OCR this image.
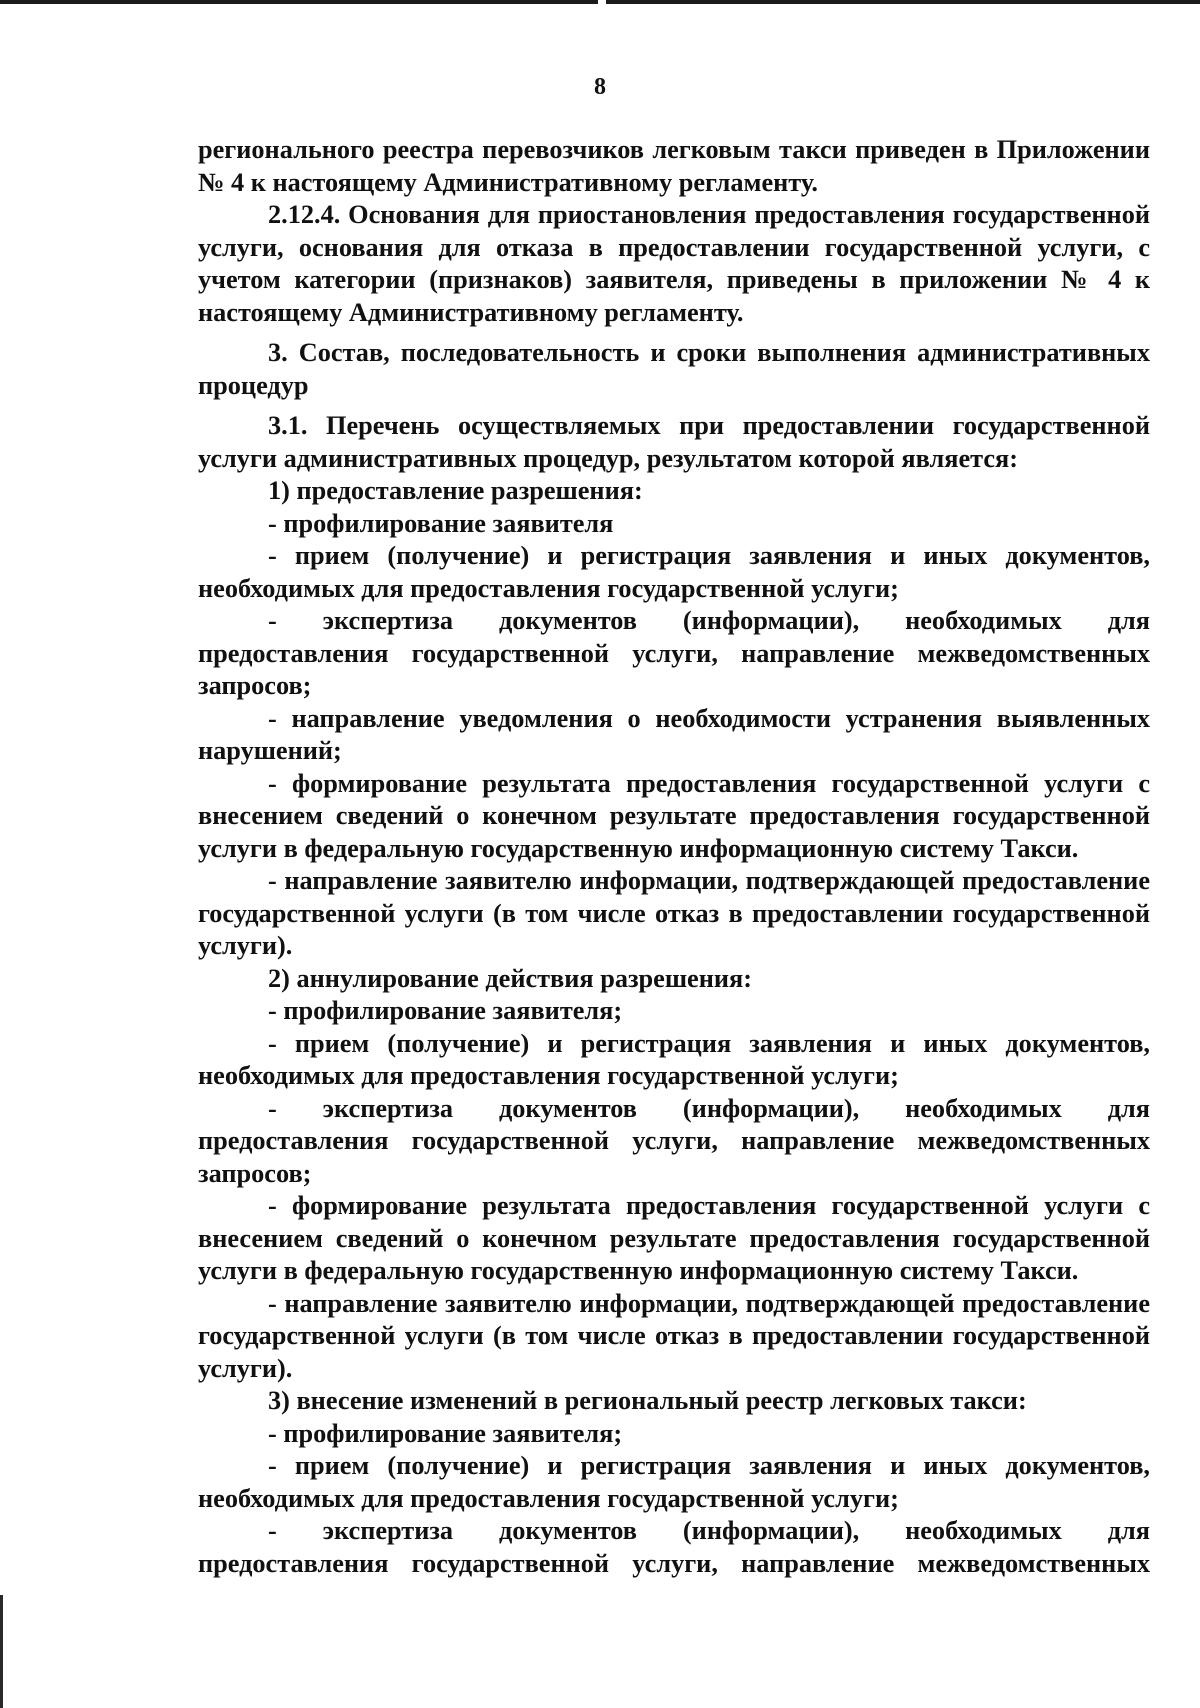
8

регионального реестра перевозчиков легковым такси приведен в Приложении № 4 к настоящему Административному регламенту.

2.12.4. Основания для приостановления предоставления государственной услуги, основания для отказа в предоставлении государственной услуги, с учетом категории (признаков) заявителя, приведены в приложении № 4 к настоящему Административному регламенту.

3. Состав, последовательность и сроки выполнения административных процедур

3.1. Перечень осуществляемых при предоставлении государственной услуги административных процедур, результатом которой является:

1) предоставление разрешения:

- профилирование заявителя

- прием (получение) и регистрация заявления и иных документов, необходимых для предоставления государственной услуги;

- экспертиза документов (информации), необходимых для предоставления государственной услуги, направление межведомственных запросов;

- направление уведомления о необходимости устранения выявленных нарушений;

- формирование результата предоставления государственной услуги с внесением сведений о конечном результате предоставления государственной услуги в федеральную государственную информационную систему Такси.

- направление заявителю информации, подтверждающей предоставление государственной услуги (в том числе отказ в предоставлении государственной услуги).

2) аннулирование действия разрешения:

- профилирование заявителя;

- прием (получение) и регистрация заявления и иных документов, необходимых для предоставления государственной услуги;

- экспертиза документов (информации), необходимых для предоставления государственной услуги, направление межведомственных запросов;

- формирование результата предоставления государственной услуги с внесением сведений о конечном результате предоставления государственной услуги в федеральную государственную информационную систему Такси.

- направление заявителю информации, подтверждающей предоставление государственной услуги (в том числе отказ в предоставлении государственной услуги).

3) внесение изменений в региональный реестр легковых такси:

- профилирование заявителя;

- прием (получение) и регистрация заявления и иных документов, необходимых для предоставления государственной услуги;

- экспертиза документов (информации), необходимых для предоставления государственной услуги, направление межведомственных
